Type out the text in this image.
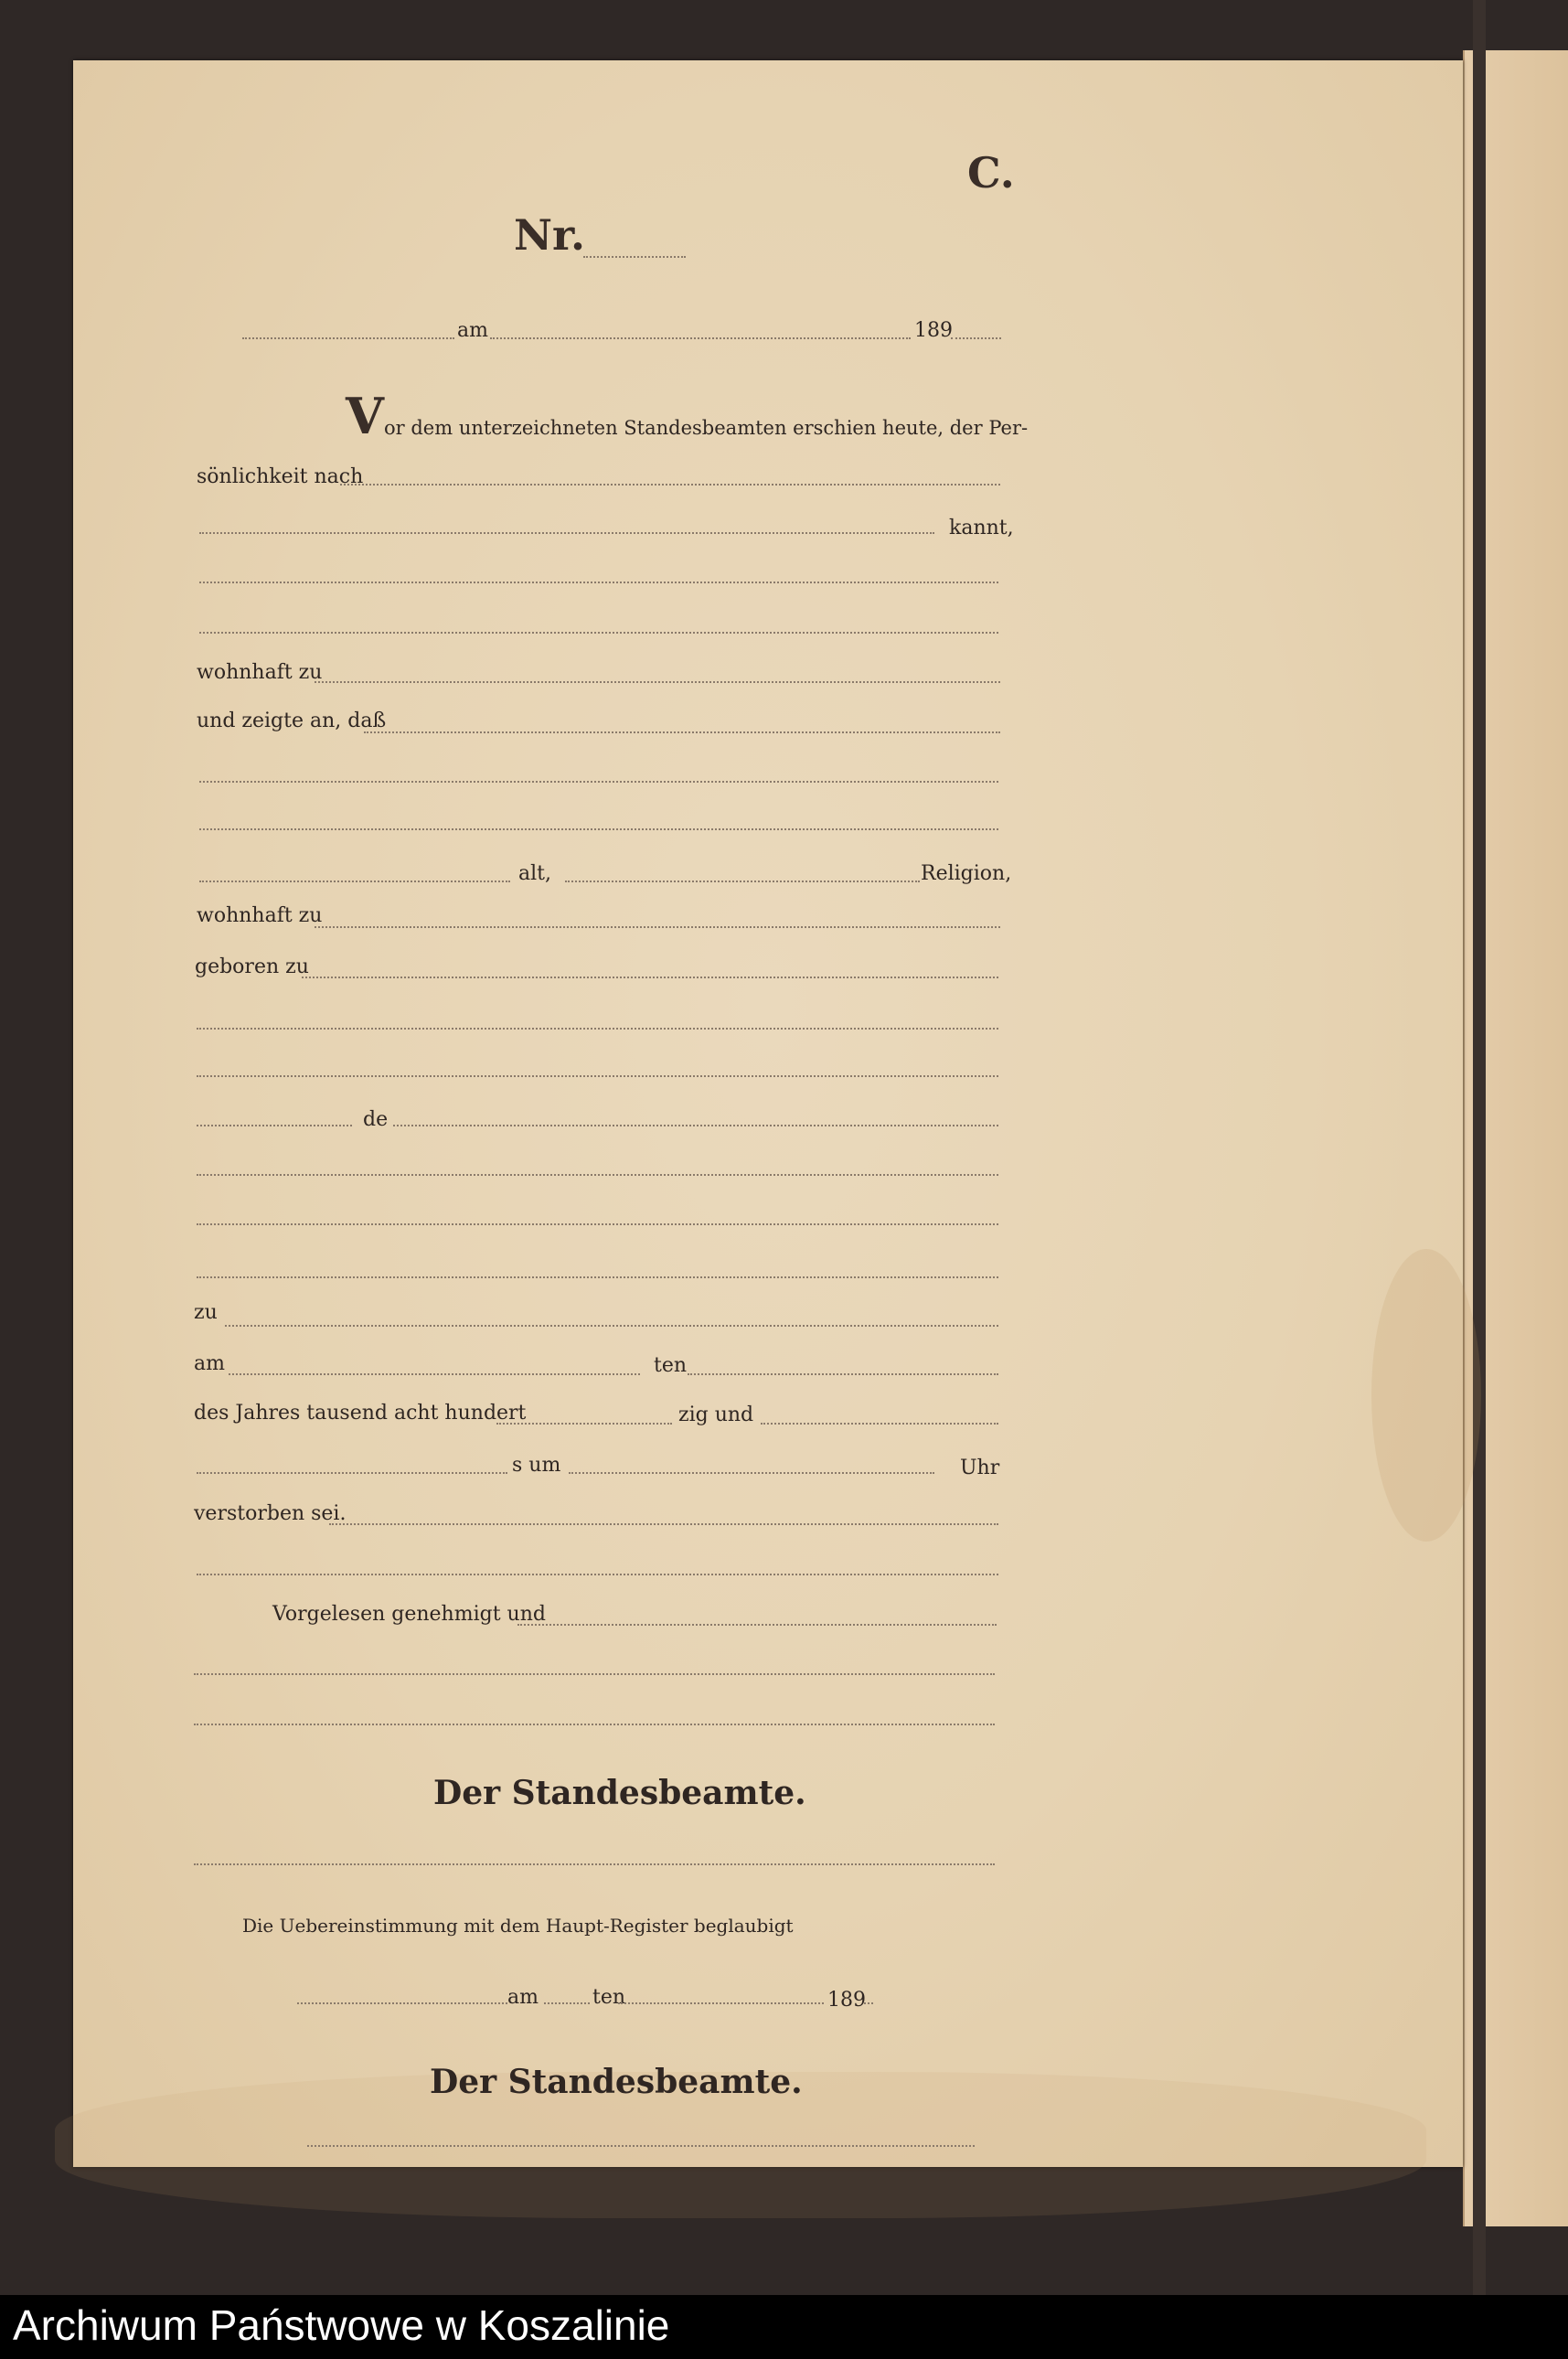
C.
Nr.
am	189
V or dem unterzeichneten Standesbeamten erschien heute, der Per-
sönlichkeit nach
kannt,
wohnhaft zu
und zeigte an, daß
alt,	Religion,
wohnhaft zu
geboren zu
de
zu
am	ten
des Jahres tausend acht hundert	zig und
s um	Uhr
verstorben sei.
Vorgelesen genehmigt und
Der Standesbeamte.
Die Uebereinstimmung mit dem Haupt-Register beglaubigt
am	ten	189
Der Standesbeamte.
Archiwum Państwowe w Koszalinie
